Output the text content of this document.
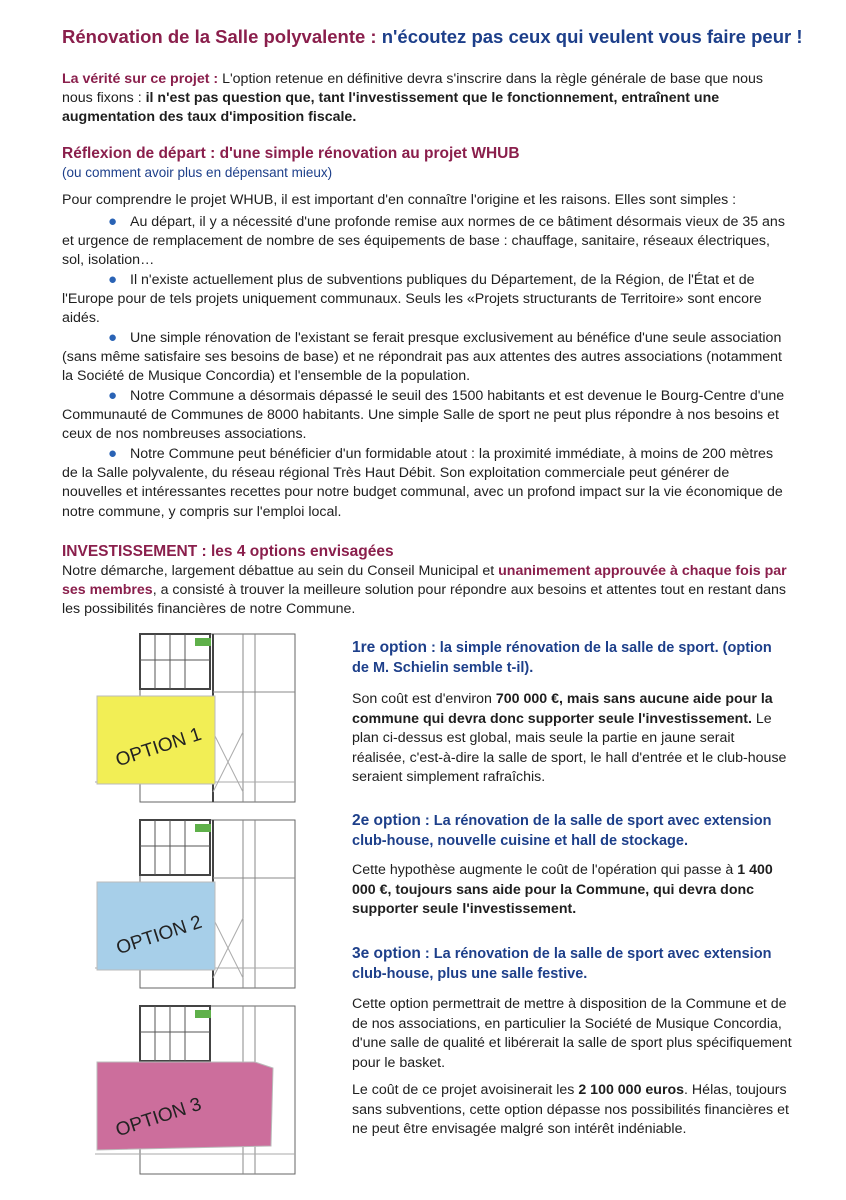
Rénovation de la Salle polyvalente : n'écoutez pas ceux qui veulent vous faire peur !

La vérité sur ce projet : L'option retenue en définitive devra s'inscrire dans la règle générale de base que nous nous fixons : il n'est pas question que, tant l'investissement que le fonctionnement, entraînent une augmentation des taux d'imposition fiscale.

Réflexion de départ : d'une simple rénovation au projet WHUB
(ou comment avoir plus en dépensant mieux)

Pour comprendre le projet WHUB, il est important d'en connaître l'origine et les raisons. Elles sont simples :

● Au départ, il y a nécessité d'une profonde remise aux normes de ce bâtiment désormais vieux de 35 ans et urgence de remplacement de nombre de ses équipements de base : chauffage, sanitaire, réseaux électriques, sol, isolation…

● Il n'existe actuellement plus de subventions publiques du Département, de la Région, de l'État et de l'Europe pour de tels projets uniquement communaux. Seuls les «Projets structurants de Territoire» sont encore aidés.

● Une simple rénovation de l'existant se ferait presque exclusivement au bénéfice d'une seule association (sans même satisfaire ses besoins de base) et ne répondrait pas aux attentes des autres associations (notamment la Société de Musique Concordia) et l'ensemble de la population.

● Notre Commune a désormais dépassé le seuil des 1500 habitants et est devenue le Bourg-Centre d'une Communauté de Communes de 8000 habitants. Une simple Salle de sport ne peut plus répondre à nos besoins et ceux de nos nombreuses associations.

● Notre Commune peut bénéficier d'un formidable atout : la proximité immédiate, à moins de 200 mètres de la Salle polyvalente, du réseau régional Très Haut Débit. Son exploitation commerciale peut générer de nouvelles et intéressantes recettes pour notre budget communal, avec un profond impact sur la vie économique de notre commune, y compris sur l'emploi local.

INVESTISSEMENT : les 4 options envisagées

Notre démarche, largement débattue au sein du Conseil Municipal et unanimement approuvée à chaque fois par ses membres, a consisté à trouver la meilleure solution pour répondre aux besoins et attentes tout en restant dans les possibilités financières de notre Commune.

OPTION 1
OPTION 2
OPTION 3
1re option : la simple rénovation de la salle de sport. (option de M. Schielin semble t-il).

Son coût est d'environ 700 000 €, mais sans aucune aide pour la commune qui devra donc supporter seule l'investissement. Le plan ci-dessus est global, mais seule la partie en jaune serait réalisée, c'est-à-dire la salle de sport, le hall d'entrée et le club-house seraient simplement rafraîchis.

2e option : La rénovation de la salle de sport avec extension club-house, nouvelle cuisine et hall de stockage.

Cette hypothèse augmente le coût de l'opération qui passe à 1 400 000 €, toujours sans aide pour la Commune, qui devra donc supporter seule l'investissement.

3e option : La rénovation de la salle de sport avec extension club-house, plus une salle festive.

Cette option permettrait de mettre à disposition de la Commune et de de nos associations, en particulier la Société de Musique Concordia, d'une salle de qualité et libérerait la salle de sport plus spécifiquement pour le basket.

Le coût de ce projet avoisinerait les 2 100 000 euros. Hélas, toujours sans subventions, cette option dépasse nos possibilités financières et ne peut être envisagée malgré son intérêt indéniable.
